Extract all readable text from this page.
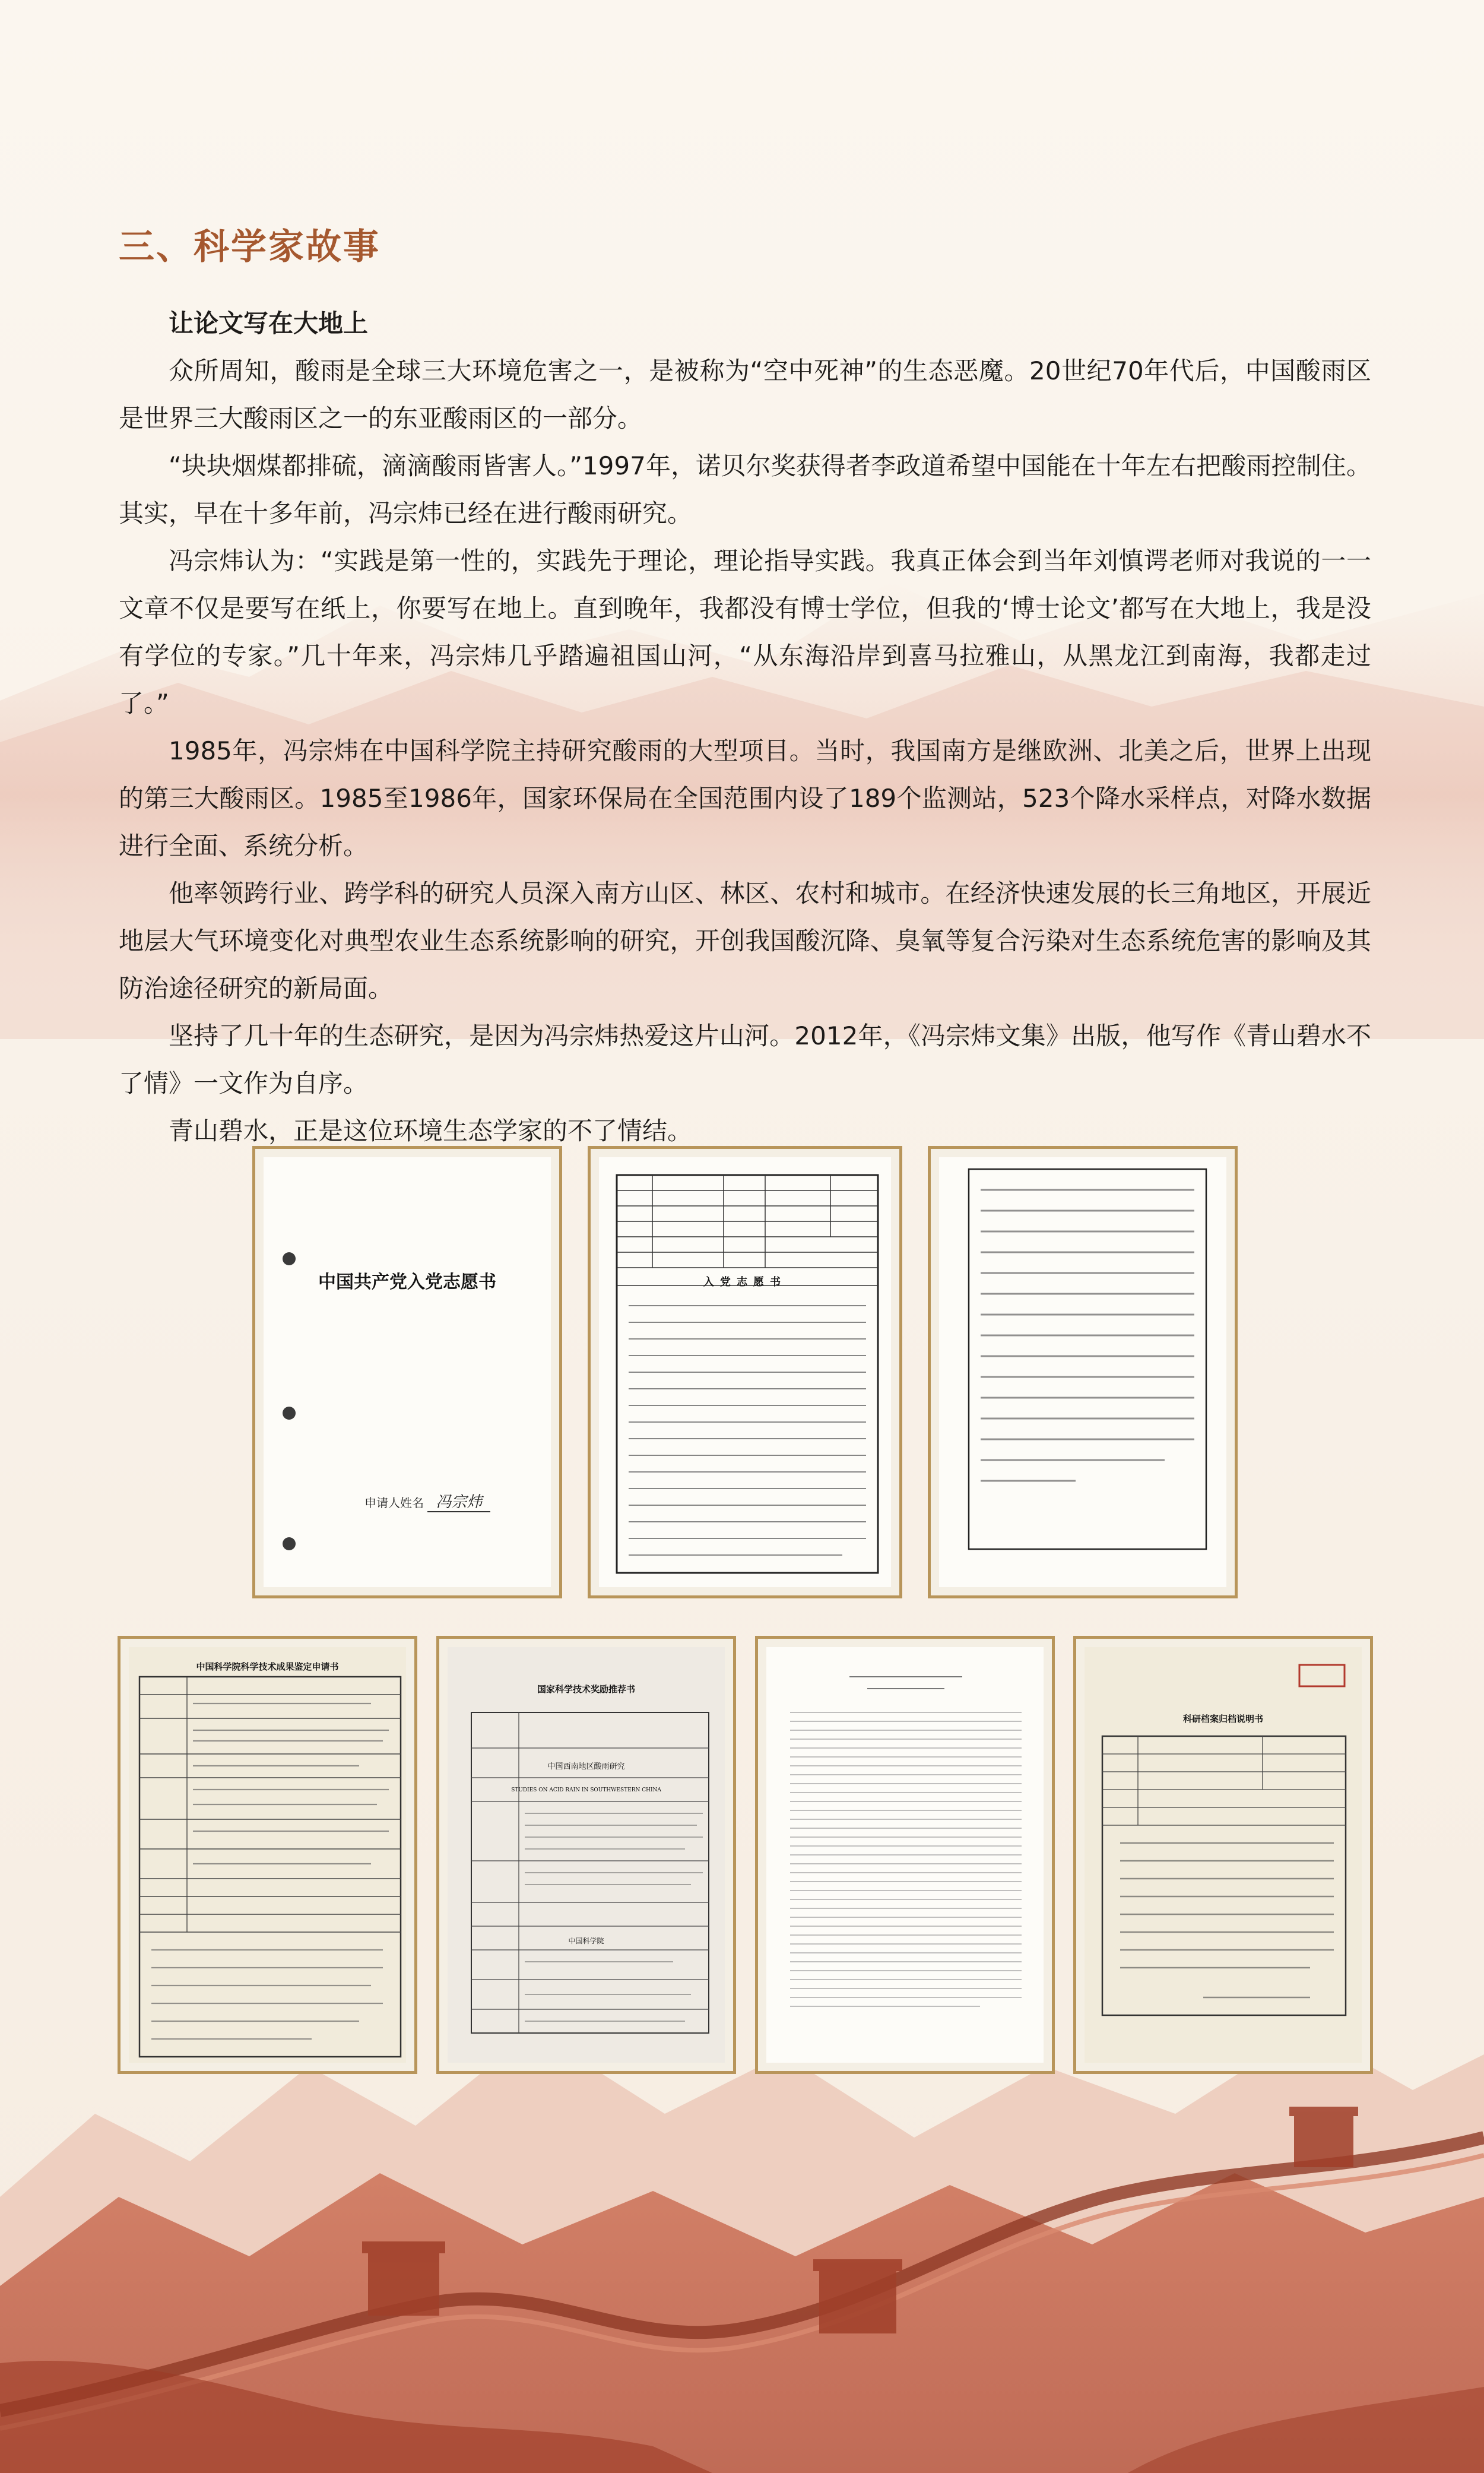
三、科学家故事
让论文写在大地上

众所周知，酸雨是全球三大环境危害之一，是被称为“空中死神”的生态恶魔。20世纪70年代后，中国酸雨区是世界三大酸雨区之一的东亚酸雨区的一部分。

“块块烟煤都排硫，滴滴酸雨皆害人。”1997年，诺贝尔奖获得者李政道希望中国能在十年左右把酸雨控制住。其实，早在十多年前，冯宗炜已经在进行酸雨研究。

冯宗炜认为：“实践是第一性的，实践先于理论，理论指导实践。我真正体会到当年刘慎谔老师对我说的一一文章不仅是要写在纸上，你要写在地上。直到晚年，我都没有博士学位，但我的‘博士论文’都写在大地上，我是没有学位的专家。”几十年来，冯宗炜几乎踏遍祖国山河，“从东海沿岸到喜马拉雅山，从黑龙江到南海，我都走过了。”

1985年，冯宗炜在中国科学院主持研究酸雨的大型项目。当时，我国南方是继欧洲、北美之后，世界上出现的第三大酸雨区。1985至1986年，国家环保局在全国范围内设了189个监测站，523个降水采样点，对降水数据进行全面、系统分析。

他率领跨行业、跨学科的研究人员深入南方山区、林区、农村和城市。在经济快速发展的长三角地区，开展近地层大气环境变化对典型农业生态系统影响的研究，开创我国酸沉降、臭氧等复合污染对生态系统危害的影响及其防治途径研究的新局面。

坚持了几十年的生态研究，是因为冯宗炜热爱这片山河。2012年，《冯宗炜文集》出版，他写作《青山碧水不了情》一文作为自序。

青山碧水，正是这位环境生态学家的不了情结。

中国共产党入党志愿书
申请人姓名 冯宗炜
入党志愿书
中国科学院科学技术成果鉴定申请书
国家科学技术奖励推荐书
中国西南地区酸雨研究
STUDIES ON ACID RAIN IN SOUTHWESTERN CHINA
中国科学院
科研档案归档说明书
